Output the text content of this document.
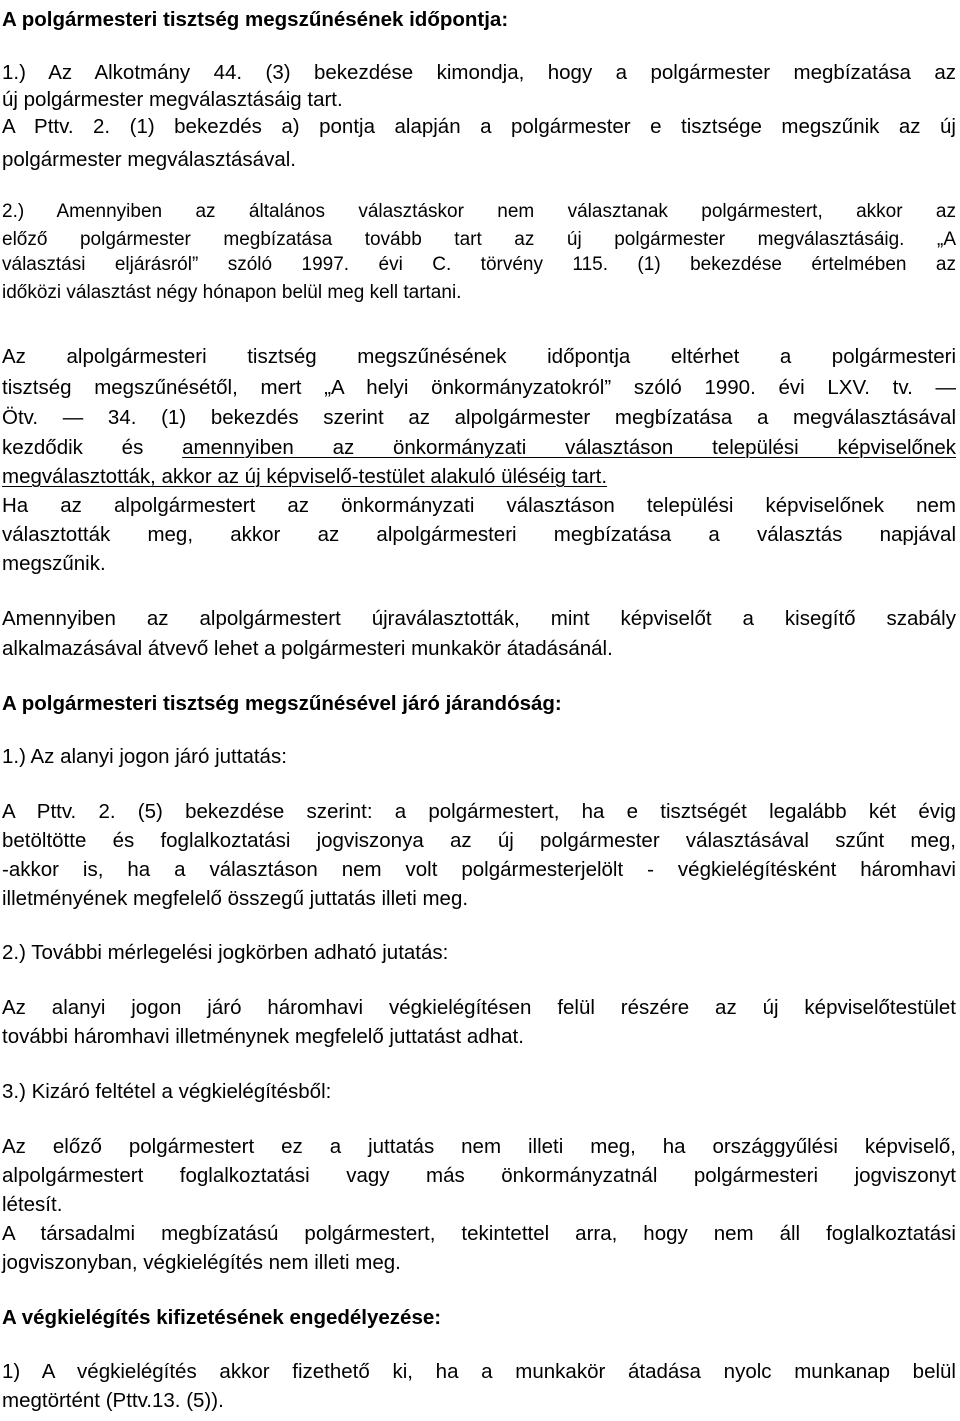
A polgármesteri tisztség megszűnésének időpontja:
1.) Az Alkotmány 44. (3) bekezdése kimondja, hogy a polgármester megbízatása az
új polgármester megválasztásáig tart.
A Pttv. 2. (1) bekezdés a) pontja alapján a polgármester e tisztsége megszűnik az új
polgármester megválasztásával.
2.) Amennyiben az általános választáskor nem választanak polgármestert, akkor az
előző polgármester megbízatása tovább tart az új polgármester megválasztásáig. „A
választási eljárásról” szóló 1997. évi C. törvény 115. (1) bekezdése értelmében az
időközi választást négy hónapon belül meg kell tartani.
Az alpolgármesteri tisztség megszűnésének időpontja eltérhet a polgármesteri
tisztség megszűnésétől, mert „A helyi önkormányzatokról” szóló 1990. évi LXV. tv. ―
Ötv. ― 34. (1) bekezdés szerint az alpolgármester megbízatása a megválasztásával
kezdődik és amennyiben az önkormányzati választáson települési képviselőnek
megválasztották, akkor az új képviselő-testület alakuló üléséig tart.
Ha az alpolgármestert az önkormányzati választáson települési képviselőnek nem
választották meg, akkor az alpolgármesteri megbízatása a választás napjával
megszűnik.
Amennyiben az alpolgármestert újraválasztották, mint képviselőt a kisegítő szabály
alkalmazásával átvevő lehet a polgármesteri munkakör átadásánál.
A polgármesteri tisztség megszűnésével járó járandóság:
1.) Az alanyi jogon járó juttatás:
A Pttv. 2. (5) bekezdése szerint: a polgármestert, ha e tisztségét legalább két évig
betöltötte és foglalkoztatási jogviszonya az új polgármester választásával szűnt meg,
-akkor is, ha a választáson nem volt polgármesterjelölt - végkielégítésként háromhavi
illetményének megfelelő összegű juttatás illeti meg.
2.) További mérlegelési jogkörben adható jutatás:
Az alanyi jogon járó háromhavi végkielégítésen felül részére az új képviselőtestület
további háromhavi illetménynek megfelelő juttatást adhat.
3.) Kizáró feltétel a végkielégítésből:
Az előző polgármestert ez a juttatás nem illeti meg, ha országgyűlési képviselő,
alpolgármestert foglalkoztatási vagy más önkormányzatnál polgármesteri jogviszonyt
létesít.
A társadalmi megbízatású polgármestert, tekintettel arra, hogy nem áll foglalkoztatási
jogviszonyban, végkielégítés nem illeti meg.
A végkielégítés kifizetésének engedélyezése:
1) A végkielégítés akkor fizethető ki, ha a munkakör átadása nyolc munkanap belül
megtörtént (Pttv.13. (5)).
